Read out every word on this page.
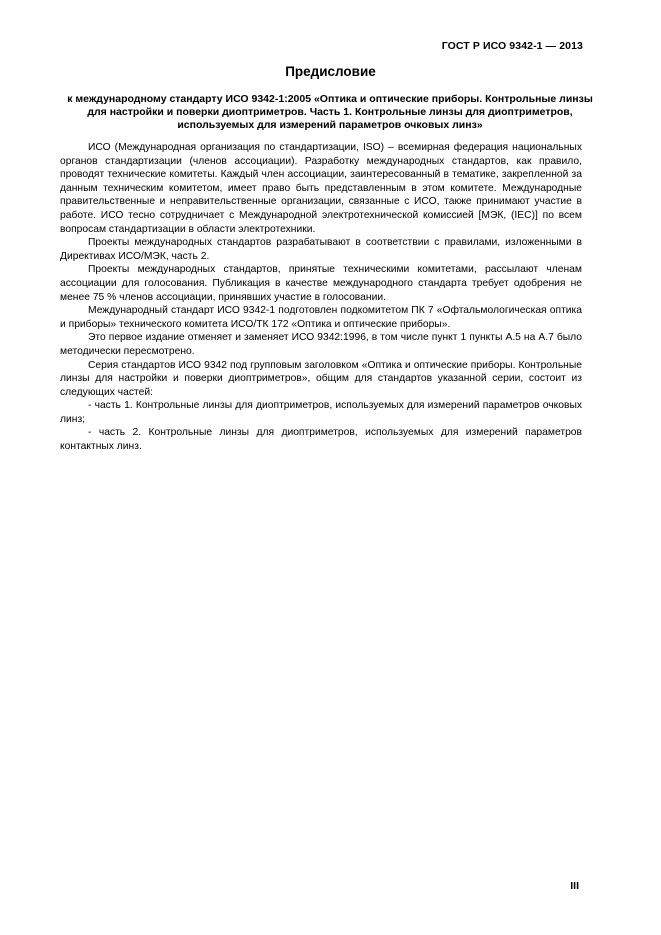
ГОСТ Р ИСО 9342-1 — 2013
Предисловие
к международному стандарту ИСО 9342-1:2005 «Оптика и оптические приборы. Контрольные линзы для настройки и поверки диоптриметров. Часть 1. Контрольные линзы для диоптриметров, используемых для измерений параметров очковых линз»

ИСО (Международная организация по стандартизации, ISO) – всемирная федерация национальных органов стандартизации (членов ассоциации). Разработку международных стандартов, как правило, проводят технические комитеты. Каждый член ассоциации, заинтересованный в тематике, закрепленной за данным техническим комитетом, имеет право быть представленным в этом комитете. Международные правительственные и неправительственные организации, связанные с ИСО, также принимают участие в работе. ИСО тесно сотрудничает с Международной электротехнической комиссией [МЭК, (IEC)] по всем вопросам стандартизации в области электротехники.

Проекты международных стандартов разрабатывают в соответствии с правилами, изложенными в Директивах ИСО/МЭК, часть 2.

Проекты международных стандартов, принятые техническими комитетами, рассылают членам ассоциации для голосования. Публикация в качестве международного стандарта требует одобрения не менее 75 % членов ассоциации, принявших участие в голосовании.

Международный стандарт ИСО 9342-1 подготовлен подкомитетом ПК 7 «Офтальмологическая оптика и приборы» технического комитета ИСО/ТК 172 «Оптика и оптические приборы».

Это первое издание отменяет и заменяет ИСО 9342:1996, в том числе пункт 1 пункты А.5 на А.7 было методически пересмотрено.

Серия стандартов ИСО 9342 под групповым заголовком «Оптика и оптические приборы. Контрольные линзы для настройки и поверки диоптриметров», общим для стандартов указанной серии, состоит из следующих частей:

- часть 1. Контрольные линзы для диоптриметров, используемых для измерений параметров очковых линз;

- часть 2. Контрольные линзы для диоптриметров, используемых для измерений параметров контактных линз.

III
